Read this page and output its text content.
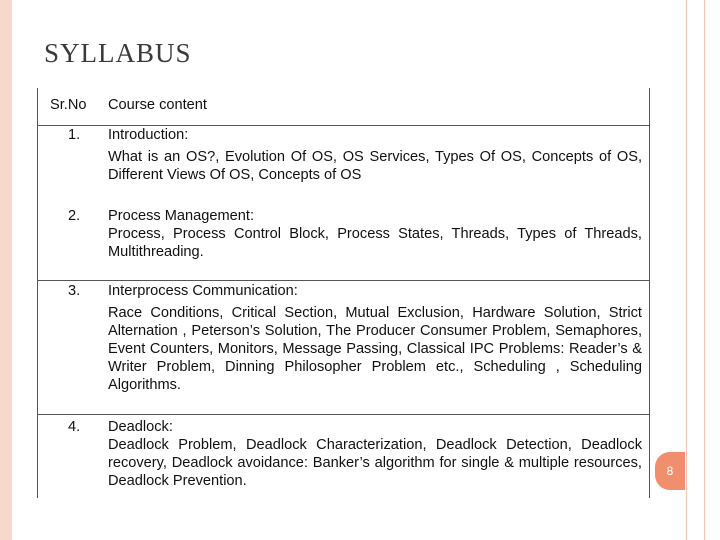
SYLLABUS
Sr.No Course content
1. Introduction:
What is an OS?, Evolution Of OS, OS Services, Types Of OS, Concepts of OS, Different Views Of OS, Concepts of OS
2. Process Management:
Process, Process Control Block, Process States, Threads, Types of Threads, Multithreading.
3. Interprocess Communication:
Race Conditions, Critical Section, Mutual Exclusion, Hardware Solution, Strict Alternation , Peterson’s Solution, The Producer Consumer Problem, Semaphores, Event Counters, Monitors, Message Passing, Classical IPC Problems: Reader’s & Writer Problem, Dinning Philosopher Problem etc., Scheduling , Scheduling Algorithms.
4. Deadlock:
Deadlock Problem, Deadlock Characterization, Deadlock Detection, Deadlock recovery, Deadlock avoidance: Banker’s algorithm for single & multiple resources, Deadlock Prevention.
8
